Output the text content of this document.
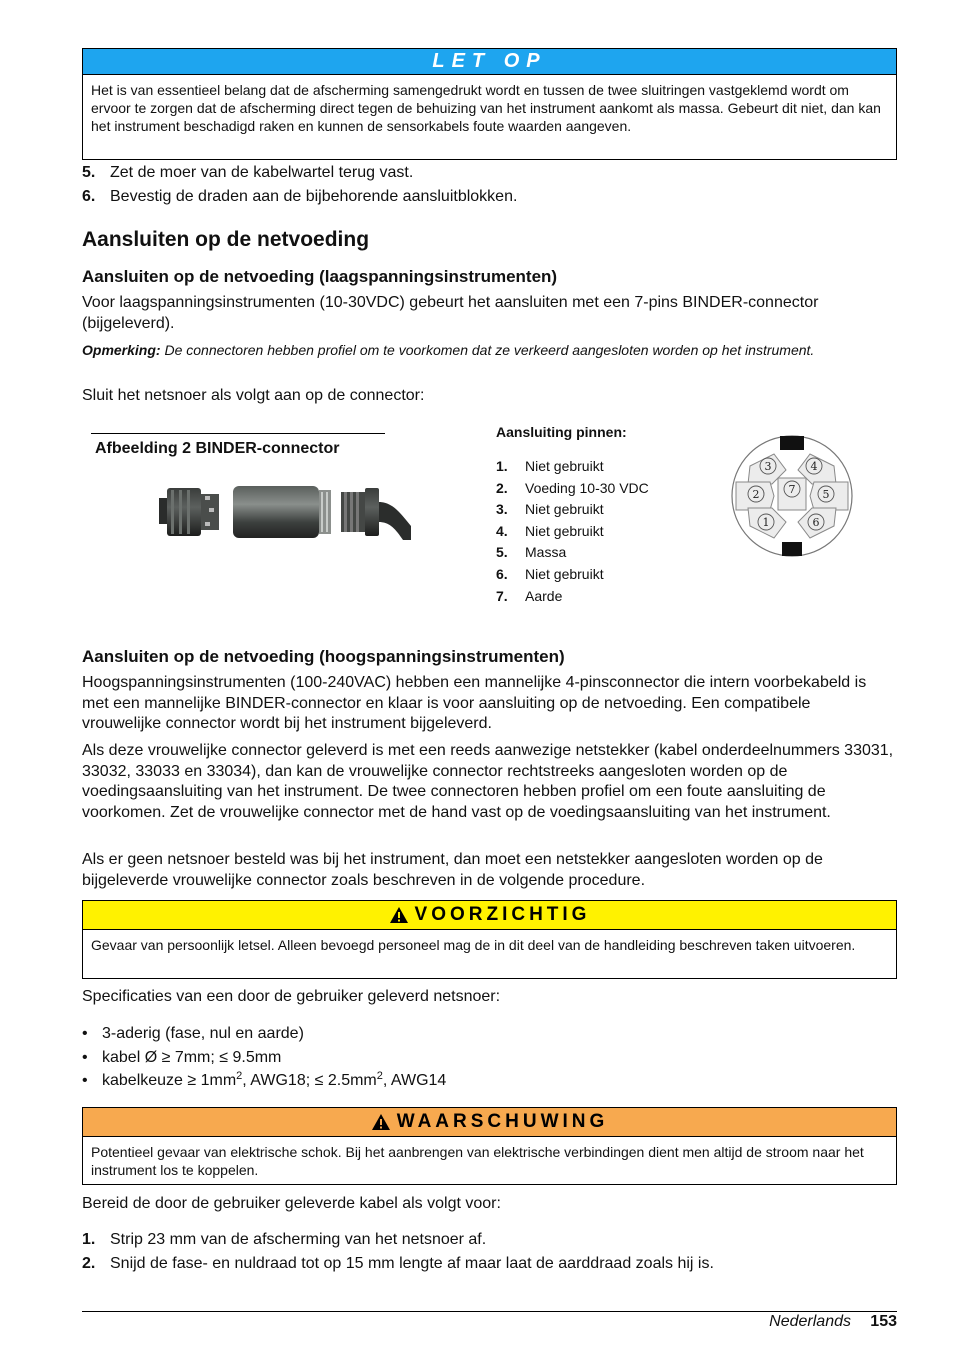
LET OP
Het is van essentieel belang dat de afscherming samengedrukt wordt en tussen de twee sluitringen vastgeklemd wordt om ervoor te zorgen dat de afscherming direct tegen de behuizing van het instrument aankomt als massa. Gebeurt dit niet, dan kan het instrument beschadigd raken en kunnen de sensorkabels foute waarden aangeven.
5. Zet de moer van de kabelwartel terug vast.
6. Bevestig de draden aan de bijbehorende aansluitblokken.
Aansluiten op de netvoeding
Aansluiten op de netvoeding (laagspanningsinstrumenten)
Voor laagspanningsinstrumenten (10-30VDC) gebeurt het aansluiten met een 7-pins BINDER-connector (bijgeleverd).
Opmerking: De connectoren hebben profiel om te voorkomen dat ze verkeerd aangesloten worden op het instrument.
Sluit het netsnoer als volgt aan op de connector:
Afbeelding 2 BINDER-connector
Aansluiting pinnen:
1. Niet gebruikt
2. Voeding 10-30 VDC
3. Niet gebruikt
4. Niet gebruikt
5. Massa
6. Niet gebruikt
7. Aarde
1
2
3	4
5
6
7
Aansluiten op de netvoeding (hoogspanningsinstrumenten)
Hoogspanningsinstrumenten (100-240VAC) hebben een mannelijke 4-pinsconnector die intern voorbekabeld is met een mannelijke BINDER-connector en klaar is voor aansluiting op de netvoeding. Een compatibele vrouwelijke connector wordt bij het instrument bijgeleverd.
Als deze vrouwelijke connector geleverd is met een reeds aanwezige netstekker (kabel onderdeelnummers 33031, 33032, 33033 en 33034), dan kan de vrouwelijke connector rechtstreeks aangesloten worden op de voedingsaansluiting van het instrument. De twee connectoren hebben profiel om een foute aansluiting de voorkomen. Zet de vrouwelijke connector met de hand vast op de voedingsaansluiting van het instrument.
Als er geen netsnoer besteld was bij het instrument, dan moet een netstekker aangesloten worden op de bijgeleverde vrouwelijke connector zoals beschreven in de volgende procedure.
VOORZICHTIG
Gevaar van persoonlijk letsel. Alleen bevoegd personeel mag de in dit deel van de handleiding beschreven taken uitvoeren.
Specificaties van een door de gebruiker geleverd netsnoer:
• 3-aderig (fase, nul en aarde)
• kabel Ø ≥ 7mm; ≤ 9.5mm
• kabelkeuze ≥ $1mm^2$, AWG18; ≤ $2.5mm^2$, AWG14
WAARSCHUWING
Potentieel gevaar van elektrische schok. Bij het aanbrengen van elektrische verbindingen dient men altijd de stroom naar het instrument los te koppelen.
Bereid de door de gebruiker geleverde kabel als volgt voor:
1. Strip 23 mm van de afscherming van het netsnoer af.
2. Snijd de fase- en nuldraad tot op 15 mm lengte af maar laat de aarddraad zoals hij is.
Nederlands 153
